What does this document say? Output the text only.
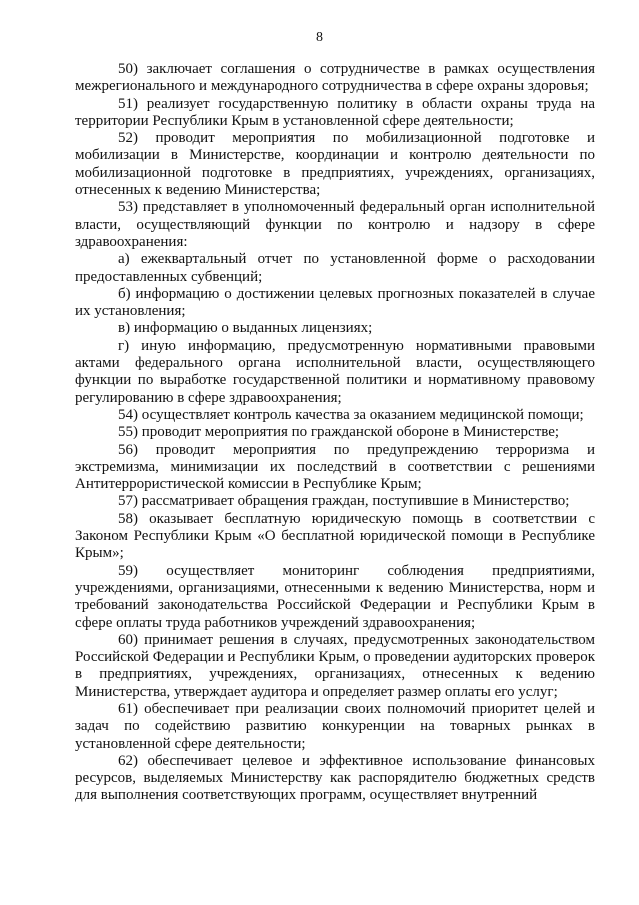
8

50) заключает соглашения о сотрудничестве в рамках осуществления межрегионального и международного сотрудничества в сфере охраны здоровья;

51) реализует государственную политику в области охраны труда на территории Республики Крым в установленной сфере деятельности;

52) проводит мероприятия по мобилизационной подготовке и мобилизации в Министерстве, координации и контролю деятельности по мобилизационной подготовке в предприятиях, учреждениях, организациях, отнесенных к ведению Министерства;

53) представляет в уполномоченный федеральный орган исполнительной власти, осуществляющий функции по контролю и надзору в сфере здравоохранения:

а) ежеквартальный отчет по установленной форме о расходовании предоставленных субвенций;

б) информацию о достижении целевых прогнозных показателей в случае их установления;

в) информацию о выданных лицензиях;

г) иную информацию, предусмотренную нормативными правовыми актами федерального органа исполнительной власти, осуществляющего функции по выработке государственной политики и нормативному правовому регулированию в сфере здравоохранения;

54) осуществляет контроль качества за оказанием медицинской помощи;

55) проводит мероприятия по гражданской обороне в Министерстве;

56) проводит мероприятия по предупреждению терроризма и экстремизма, минимизации их последствий в соответствии с решениями Антитеррористической комиссии в Республике Крым;

57) рассматривает обращения граждан, поступившие в Министерство;

58) оказывает бесплатную юридическую помощь в соответствии с Законом Республики Крым «О бесплатной юридической помощи в Республике Крым»;

59) осуществляет мониторинг соблюдения предприятиями, учреждениями, организациями, отнесенными к ведению Министерства, норм и требований законодательства Российской Федерации и Республики Крым в сфере оплаты труда работников учреждений здравоохранения;

60) принимает решения в случаях, предусмотренных законодательством Российской Федерации и Республики Крым, о проведении аудиторских проверок в предприятиях, учреждениях, организациях, отнесенных к ведению Министерства, утверждает аудитора и определяет размер оплаты его услуг;

61) обеспечивает при реализации своих полномочий приоритет целей и задач по содействию развитию конкуренции на товарных рынках в установленной сфере деятельности;

62) обеспечивает целевое и эффективное использование финансовых ресурсов, выделяемых Министерству как распорядителю бюджетных средств для выполнения соответствующих программ, осуществляет внутренний
